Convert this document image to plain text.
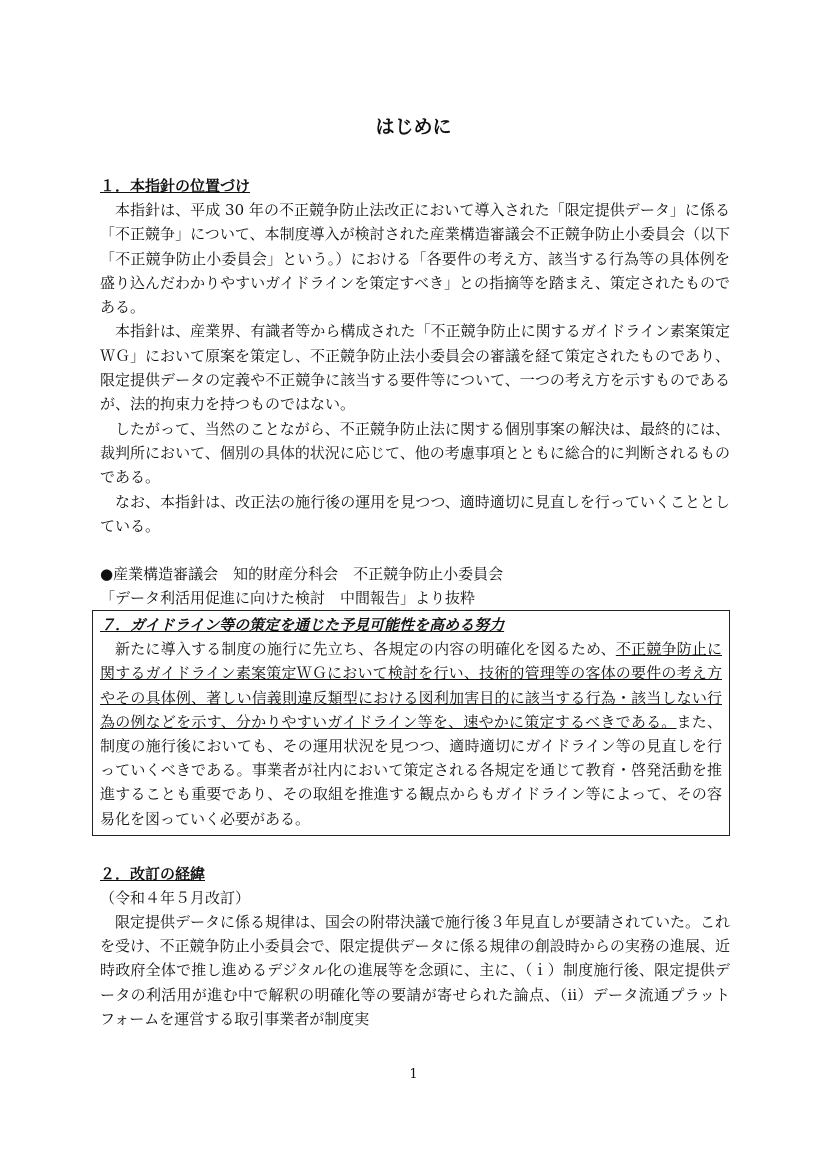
はじめに
１．本指針の位置づけ

本指針は、平成 30 年の不正競争防止法改正において導入された「限定提供データ」に係る「不正競争」について、本制度導入が検討された産業構造審議会不正競争防止小委員会（以下「不正競争防止小委員会」という。）における「各要件の考え方、該当する行為等の具体例を盛り込んだわかりやすいガイドラインを策定すべき」との指摘等を踏まえ、策定されたものである。

本指針は、産業界、有識者等から構成された「不正競争防止に関するガイドライン素案策定ＷＧ」において原案を策定し、不正競争防止法小委員会の審議を経て策定されたものであり、限定提供データの定義や不正競争に該当する要件等について、一つの考え方を示すものであるが、法的拘束力を持つものではない。

したがって、当然のことながら、不正競争防止法に関する個別事案の解決は、最終的には、裁判所において、個別の具体的状況に応じて、他の考慮事項とともに総合的に判断されるものである。

なお、本指針は、改正法の施行後の運用を見つつ、適時適切に見直しを行っていくこととしている。

●産業構造審議会　知的財産分科会　不正競争防止小委員会
「データ利活用促進に向けた検討　中間報告」より抜粋
７．ガイドライン等の策定を通じた予見可能性を高める努力

新たに導入する制度の施行に先立ち、各規定の内容の明確化を図るため、不正競争防止に関するガイドライン素案策定ＷＧにおいて検討を行い、技術的管理等の客体の要件の考え方やその具体例、著しい信義則違反類型における図利加害目的に該当する行為・該当しない行為の例などを示す、分かりやすいガイドライン等を、速やかに策定するべきである。また、制度の施行後においても、その運用状況を見つつ、適時適切にガイドライン等の見直しを行っていくべきである。事業者が社内において策定される各規定を通じて教育・啓発活動を推進することも重要であり、その取組を推進する観点からもガイドライン等によって、その容易化を図っていく必要がある。

２．改訂の経緯
（令和４年５月改訂）

限定提供データに係る規律は、国会の附帯決議で施行後３年見直しが要請されていた。これを受け、不正競争防止小委員会で、限定提供データに係る規律の創設時からの実務の進展、近時政府全体で推し進めるデジタル化の進展等を念頭に、主に、（ｉ）制度施行後、限定提供データの利活用が進む中で解釈の明確化等の要請が寄せられた論点、（ⅱ）データ流通プラットフォームを運営する取引事業者が制度実

1
